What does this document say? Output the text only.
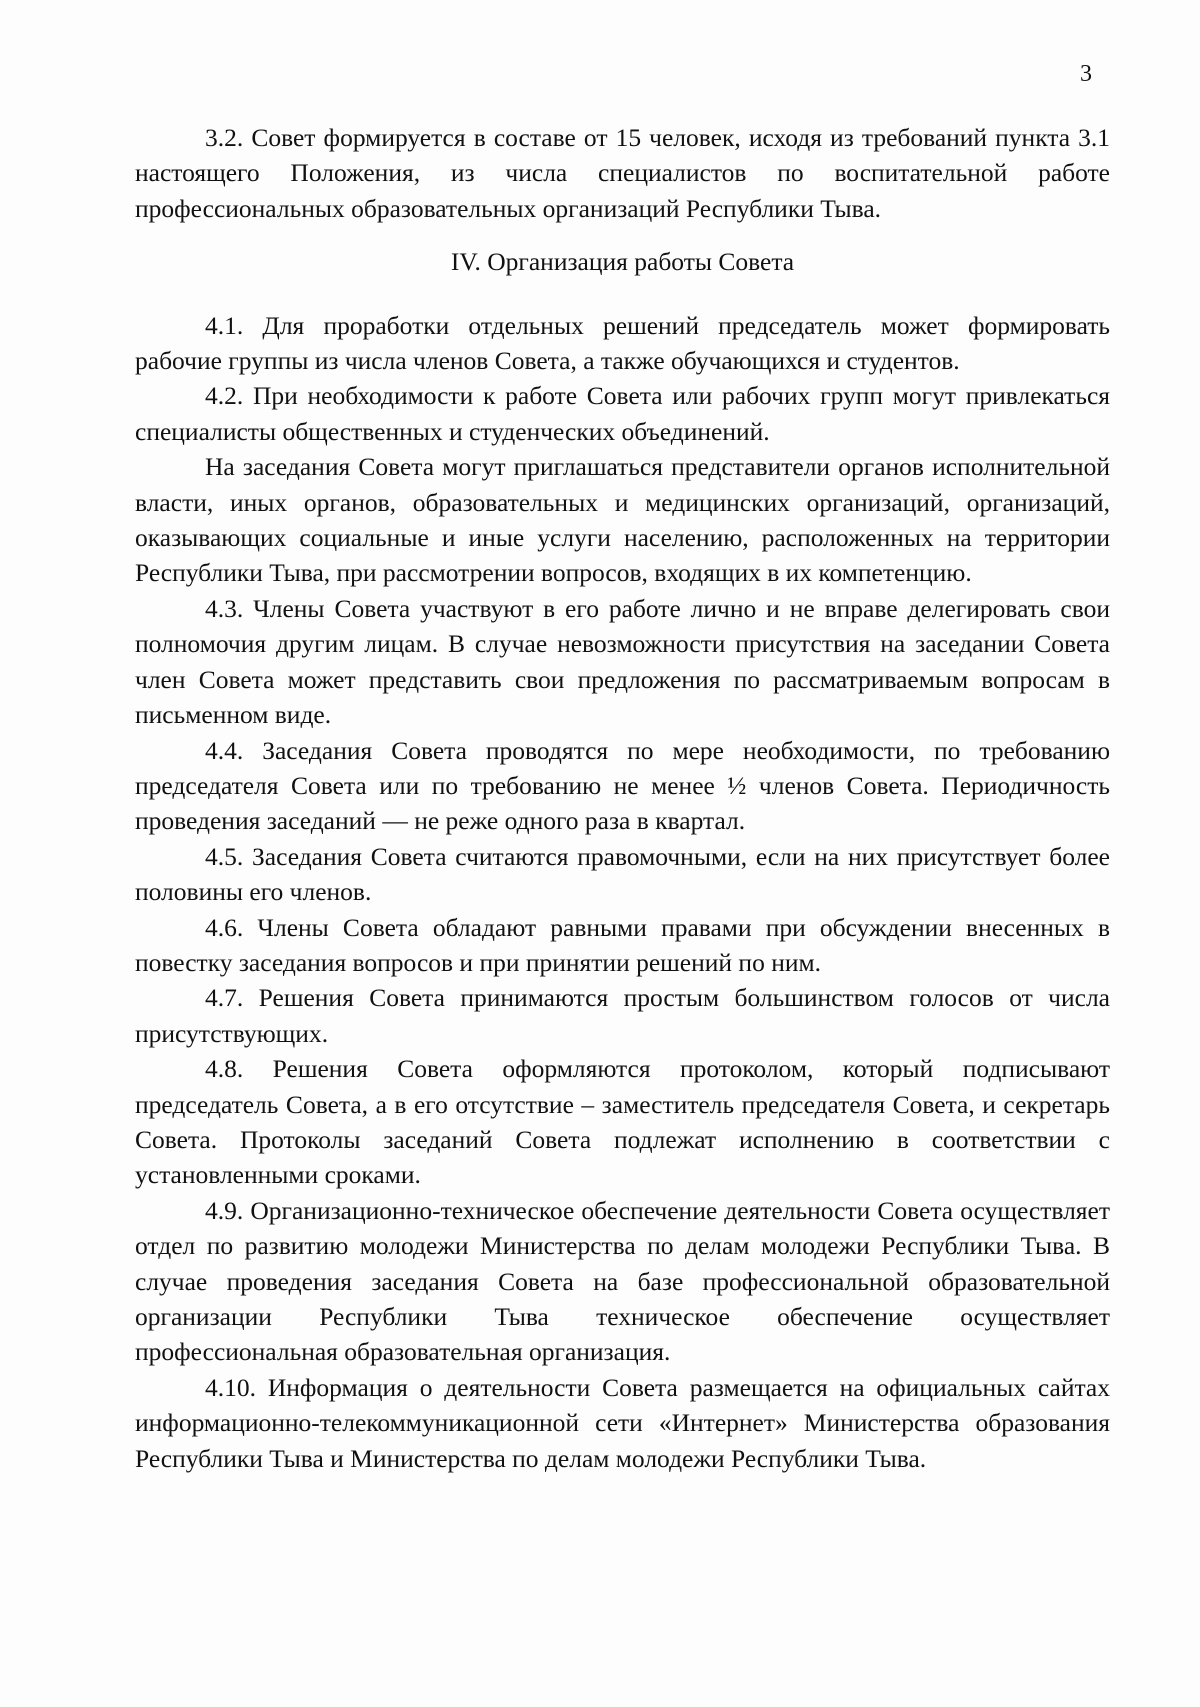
3

3.2. Совет формируется в составе от 15 человек, исходя из требований пункта 3.1 настоящего Положения, из числа специалистов по воспитательной работе профессиональных образовательных организаций Республики Тыва.

IV. Организация работы Совета

4.1. Для проработки отдельных решений председатель может формировать рабочие группы из числа членов Совета, а также обучающихся и студентов.

4.2. При необходимости к работе Совета или рабочих групп могут привлекаться специалисты общественных и студенческих объединений.

На заседания Совета могут приглашаться представители органов исполнительной власти, иных органов, образовательных и медицинских организаций, организаций, оказывающих социальные и иные услуги населению, расположенных на территории Республики Тыва, при рассмотрении вопросов, входящих в их компетенцию.

4.3. Члены Совета участвуют в его работе лично и не вправе делегировать свои полномочия другим лицам. В случае невозможности присутствия на заседании Совета член Совета может представить свои предложения по рассматриваемым вопросам в письменном виде.

4.4. Заседания Совета проводятся по мере необходимости, по требованию председателя Совета или по требованию не менее ½ членов Совета. Периодичность проведения заседаний — не реже одного раза в квартал.

4.5. Заседания Совета считаются правомочными, если на них присутствует более половины его членов.

4.6. Члены Совета обладают равными правами при обсуждении внесенных в повестку заседания вопросов и при принятии решений по ним.

4.7. Решения Совета принимаются простым большинством голосов от числа присутствующих.

4.8. Решения Совета оформляются протоколом, который подписывают председатель Совета, а в его отсутствие – заместитель председателя Совета, и секретарь Совета. Протоколы заседаний Совета подлежат исполнению в соответствии с установленными сроками.

4.9. Организационно-техническое обеспечение деятельности Совета осуществляет отдел по развитию молодежи Министерства по делам молодежи Республики Тыва. В случае проведения заседания Совета на базе профессиональной образовательной организации Республики Тыва техническое обеспечение осуществляет профессиональная образовательная организация.

4.10. Информация о деятельности Совета размещается на официальных сайтах информационно-телекоммуникационной сети «Интернет» Министерства образования Республики Тыва и Министерства по делам молодежи Республики Тыва.
